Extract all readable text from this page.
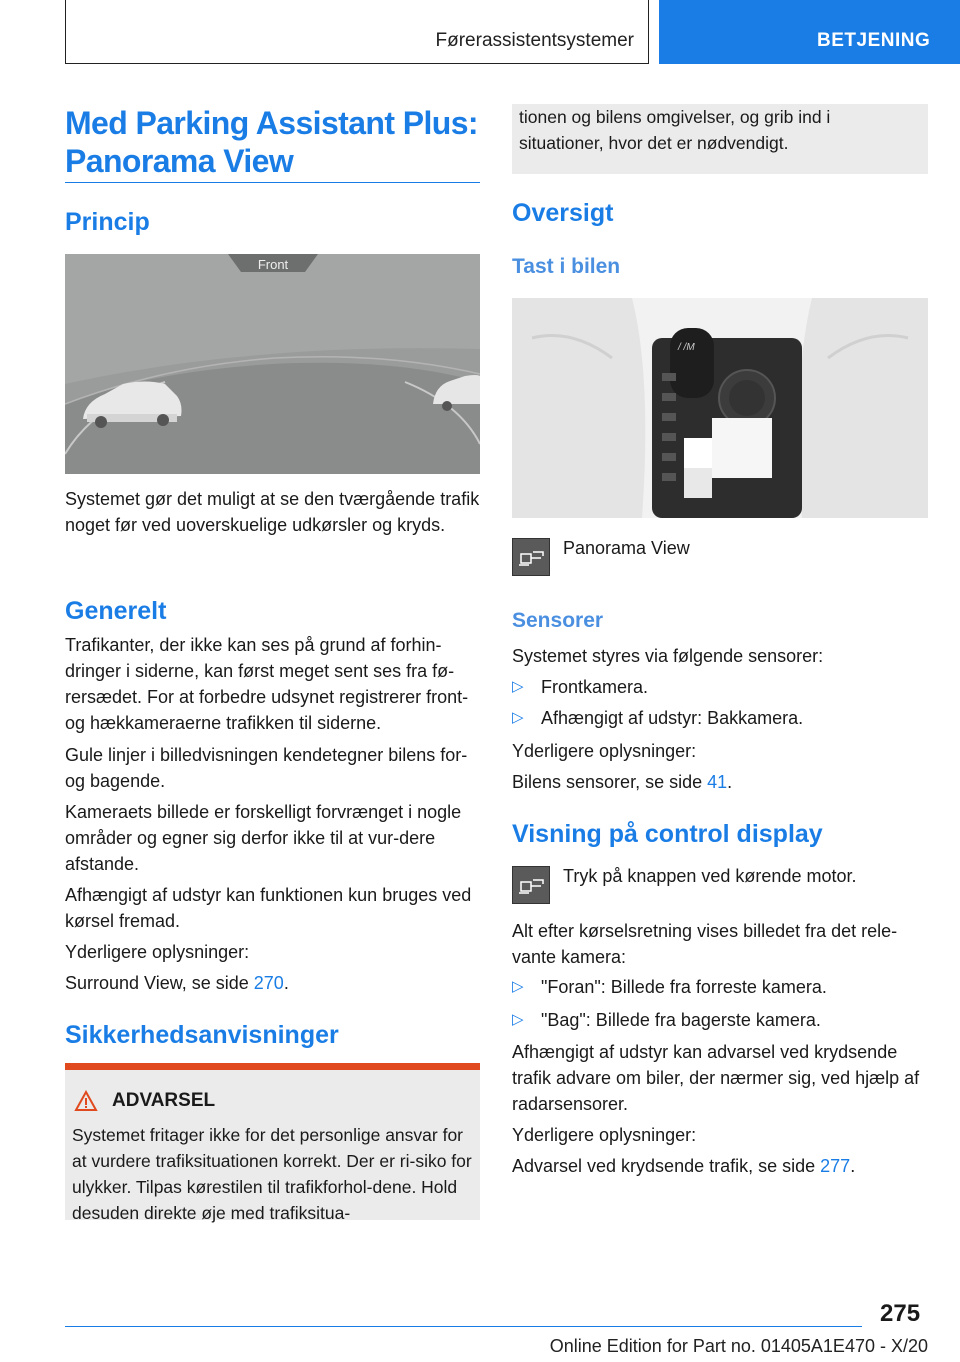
Førerassistentsystemer	BETJENING
Med Parking Assistant Plus: Panorama View
Princip
Front
Systemet gør det muligt at se den tværgående trafik noget før ved uoverskuelige udkørsler og kryds.
Generelt
Trafikanter, der ikke kan ses på grund af forhin-dringer i siderne, kan først meget sent ses fra fø-rersædet. For at forbedre udsynet registrerer front- og hækkameraerne trafikken til siderne.
Gule linjer i billedvisningen kendetegner bilens for- og bagende.
Kameraets billede er forskelligt forvrænget i nogle områder og egner sig derfor ikke til at vur-dere afstande.
Afhængigt af udstyr kan funktionen kun bruges ved kørsel fremad.
Yderligere oplysninger:
Surround View, se side 270.
Sikkerhedsanvisninger
ADVARSEL
Systemet fritager ikke for det personlige ansvar for at vurdere trafiksituationen korrekt. Der er ri-siko for ulykker. Tilpas kørestilen til trafikforhol-dene. Hold desuden direkte øje med trafiksitua-
tionen og bilens omgivelser, og grib ind i situationer, hvor det er nødvendigt.
Oversigt
Tast i bilen
/ /M
Panorama View
Sensorer
Systemet styres via følgende sensorer:
▷ Frontkamera.
▷ Afhængigt af udstyr: Bakkamera.
Yderligere oplysninger:
Bilens sensorer, se side 41.
Visning på control display
Tryk på knappen ved kørende motor.
Alt efter kørselsretning vises billedet fra det rele-vante kamera:
▷ "Foran": Billede fra forreste kamera.
▷ "Bag": Billede fra bagerste kamera.
Afhængigt af udstyr kan advarsel ved krydsende trafik advare om biler, der nærmer sig, ved hjælp af radarsensorer.
Yderligere oplysninger:
Advarsel ved krydsende trafik, se side 277.
275
Online Edition for Part no. 01405A1E470 - X/20
